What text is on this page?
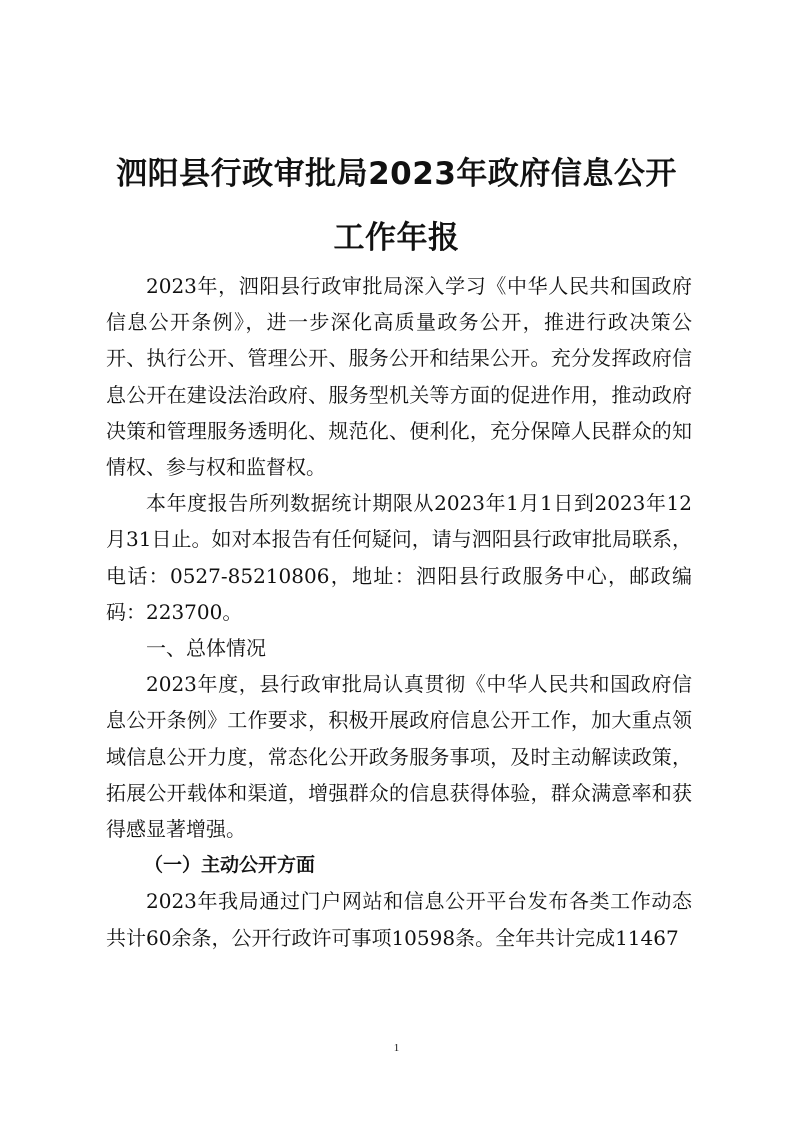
泗阳县行政审批局2023年政府信息公开
工作年报

2023年，泗阳县行政审批局深入学习《中华人民共和国政府信息公开条例》，进一步深化高质量政务公开，推进行政决策公开、执行公开、管理公开、服务公开和结果公开。充分发挥政府信息公开在建设法治政府、服务型机关等方面的促进作用，推动政府决策和管理服务透明化、规范化、便利化，充分保障人民群众的知情权、参与权和监督权。

本年度报告所列数据统计期限从2023年1月1日到2023年12月31日止。如对本报告有任何疑问，请与泗阳县行政审批局联系，电话：0527-85210806，地址：泗阳县行政服务中心，邮政编码：223700。

一、总体情况

2023年度，县行政审批局认真贯彻《中华人民共和国政府信息公开条例》工作要求，积极开展政府信息公开工作，加大重点领域信息公开力度，常态化公开政务服务事项，及时主动解读政策，拓展公开载体和渠道，增强群众的信息获得体验，群众满意率和获得感显著增强。

（一）主动公开方面

2023年我局通过门户网站和信息公开平台发布各类工作动态共计60余条，公开行政许可事项10598条。全年共计完成11467

1
